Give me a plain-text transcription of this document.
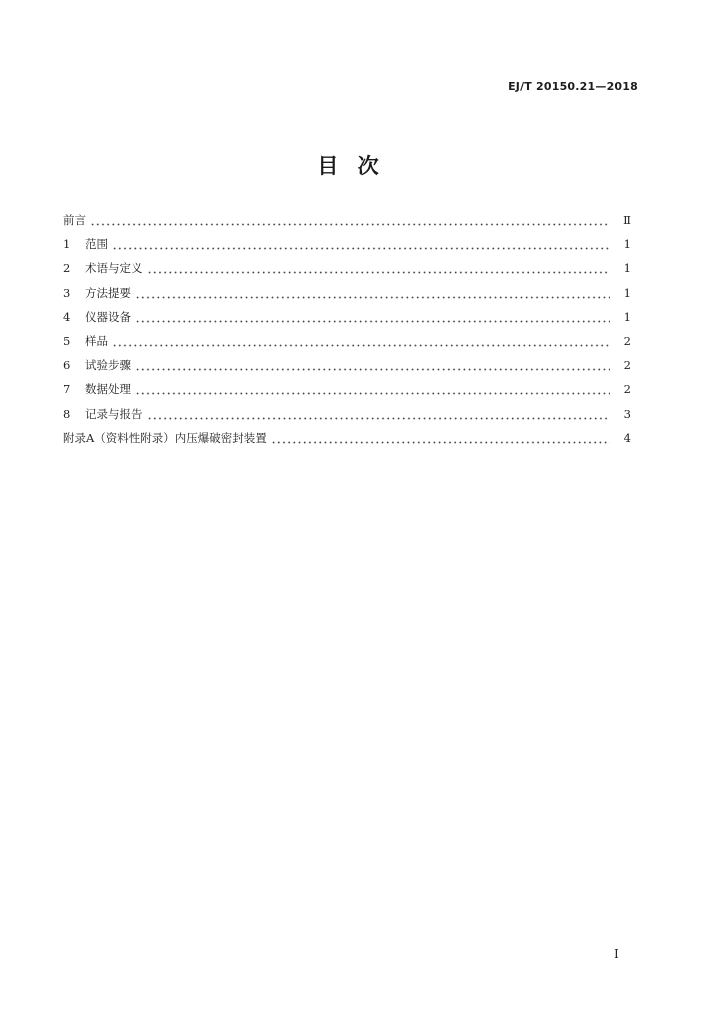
EJ/T 20150.21—2018
目 次
前言	Ⅱ
1	范围	1
2	术语与定义	1
3	方法提要	1
4	仪器设备	1
5	样品	2
6	试验步骤	2
7	数据处理	2
8	记录与报告	3
附录A（资料性附录）内压爆破密封装置	4
I
